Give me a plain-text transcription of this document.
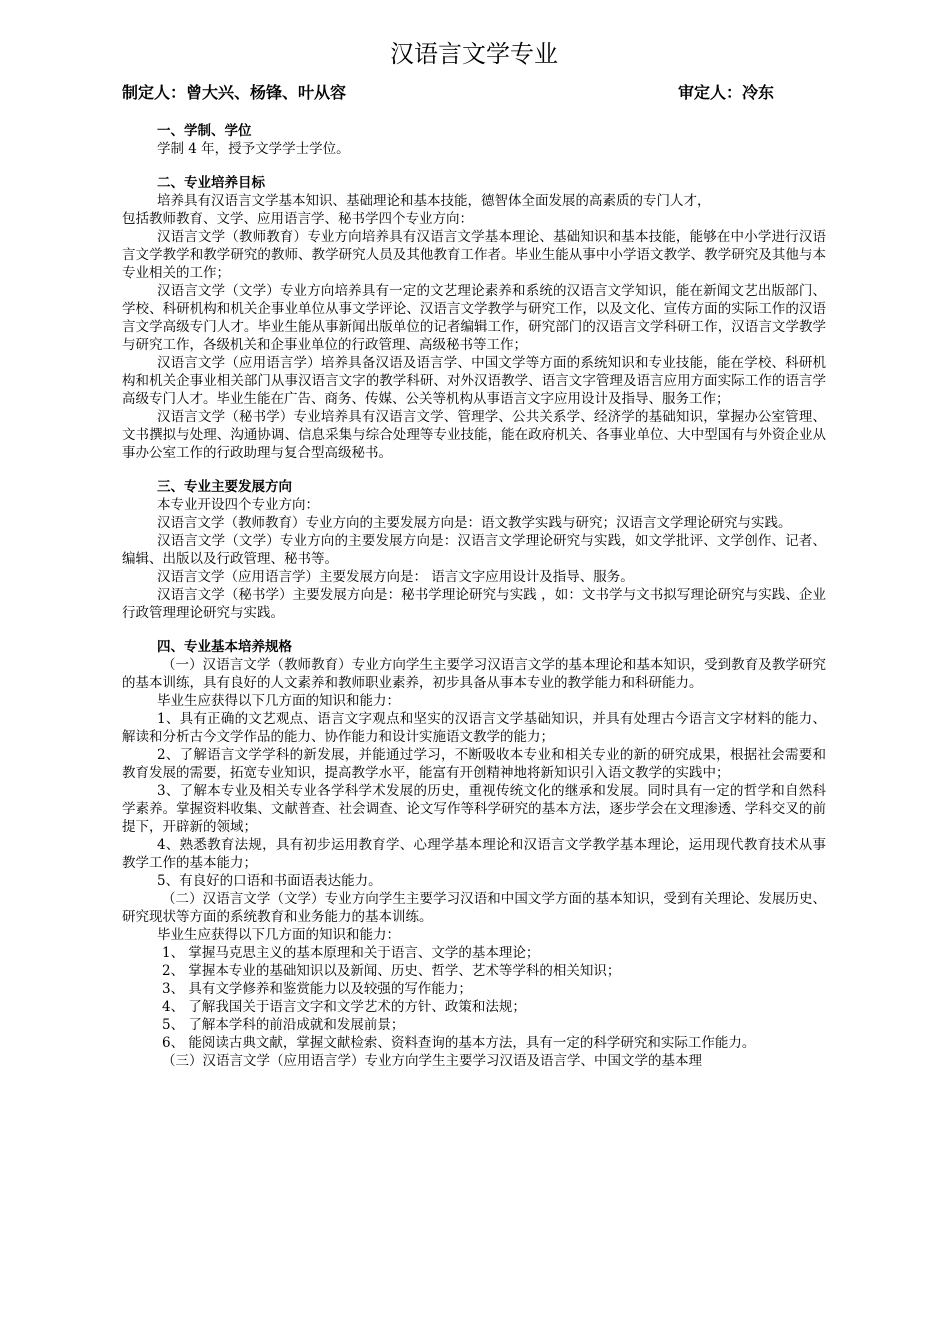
汉语言文学专业
制定人：曾大兴、杨锋、叶从容	审定人：冷东
一、学制、学位

学制 4 年，授予文学学士学位。

二、专业培养目标

培养具有汉语言文学基本知识、基础理论和基本技能，德智体全面发展的高素质的专门人才，

包括教师教育、文学、应用语言学、秘书学四个专业方向：

汉语言文学（教师教育）专业方向培养具有汉语言文学基本理论、基础知识和基本技能，能够在中小学进行汉语言文学教学和教学研究的教师、教学研究人员及其他教育工作者。毕业生能从事中小学语文教学、教学研究及其他与本专业相关的工作；

汉语言文学（文学）专业方向培养具有一定的文艺理论素养和系统的汉语言文学知识，能在新闻文艺出版部门、学校、科研机构和机关企事业单位从事文学评论、汉语言文学教学与研究工作，以及文化、宣传方面的实际工作的汉语言文学高级专门人才。毕业生能从事新闻出版单位的记者编辑工作，研究部门的汉语言文学科研工作，汉语言文学教学与研究工作，各级机关和企事业单位的行政管理、高级秘书等工作；

汉语言文学（应用语言学）培养具备汉语及语言学、中国文学等方面的系统知识和专业技能，能在学校、科研机构和机关企事业相关部门从事汉语言文字的教学科研、对外汉语教学、语言文字管理及语言应用方面实际工作的语言学高级专门人才。毕业生能在广告、商务、传媒、公关等机构从事语言文字应用设计及指导、服务工作；

汉语言文学（秘书学）专业培养具有汉语言文学、管理学、公共关系学、经济学的基础知识，掌握办公室管理、文书撰拟与处理、沟通协调、信息采集与综合处理等专业技能，能在政府机关、各事业单位、大中型国有与外资企业从事办公室工作的行政助理与复合型高级秘书。

三、专业主要发展方向

本专业开设四个专业方向：

汉语言文学（教师教育）专业方向的主要发展方向是：语文教学实践与研究；汉语言文学理论研究与实践。

汉语言文学（文学）专业方向的主要发展方向是：汉语言文学理论研究与实践，如文学批评、文学创作、记者、编辑、出版以及行政管理、秘书等。

汉语言文学（应用语言学）主要发展方向是： 语言文字应用设计及指导、服务。

汉语言文学（秘书学）主要发展方向是：秘书学理论研究与实践 ，如：文书学与文书拟写理论研究与实践、企业行政管理理论研究与实践。

四、专业基本培养规格

（一）汉语言文学（教师教育）专业方向学生主要学习汉语言文学的基本理论和基本知识，受到教育及教学研究的基本训练，具有良好的人文素养和教师职业素养，初步具备从事本专业的教学能力和科研能力。

毕业生应获得以下几方面的知识和能力：

1、具有正确的文艺观点、语言文字观点和坚实的汉语言文学基础知识，并具有处理古今语言文字材料的能力、解读和分析古今文学作品的能力、协作能力和设计实施语文教学的能力；

2、了解语言文学学科的新发展，并能通过学习，不断吸收本专业和相关专业的新的研究成果，根据社会需要和教育发展的需要，拓宽专业知识，提高教学水平，能富有开创精神地将新知识引入语文教学的实践中；

3、了解本专业及相关专业各学科学术发展的历史，重视传统文化的继承和发展。同时具有一定的哲学和自然科学素养。掌握资料收集、文献普查、社会调查、论文写作等科学研究的基本方法，逐步学会在文理渗透、学科交叉的前提下，开辟新的领域；

4、熟悉教育法规，具有初步运用教育学、心理学基本理论和汉语言文学教学基本理论，运用现代教育技术从事教学工作的基本能力；

5、有良好的口语和书面语表达能力。

（二）汉语言文学（文学）专业方向学生主要学习汉语和中国文学方面的基本知识，受到有关理论、发展历史、研究现状等方面的系统教育和业务能力的基本训练。

毕业生应获得以下几方面的知识和能力：

1、 掌握马克思主义的基本原理和关于语言、文学的基本理论；

2、 掌握本专业的基础知识以及新闻、历史、哲学、艺术等学科的相关知识；

3、 具有文学修养和鉴赏能力以及较强的写作能力；

4、 了解我国关于语言文字和文学艺术的方针、政策和法规；

5、 了解本学科的前沿成就和发展前景；

6、 能阅读古典文献，掌握文献检索、资料查询的基本方法，具有一定的科学研究和实际工作能力。

（三）汉语言文学（应用语言学）专业方向学生主要学习汉语及语言学、中国文学的基本理
